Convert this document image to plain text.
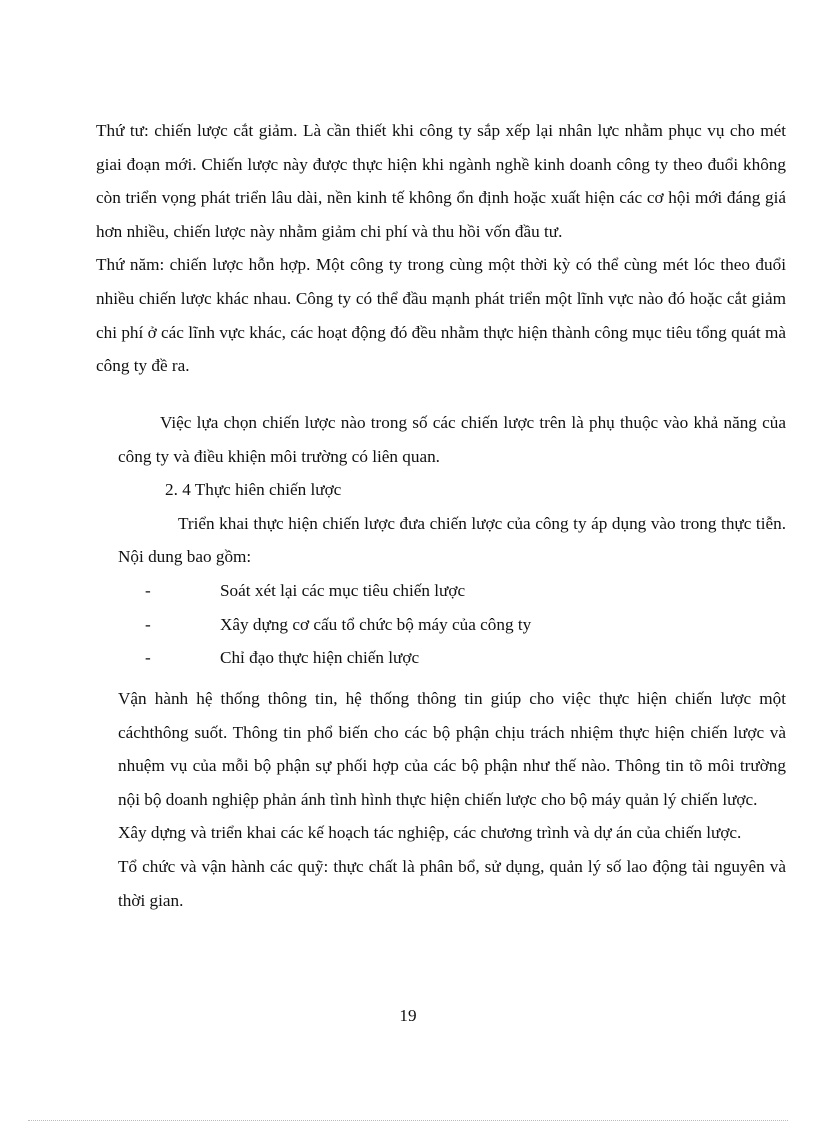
Thứ tư: chiến lược cắt giảm. Là cần thiết khi công ty sắp xếp lại nhân lực nhằm phục vụ cho mét giai đoạn mới. Chiến lược này được thực hiện khi ngành nghề kinh doanh công ty theo đuổi không còn triển vọng phát triển lâu dài, nền kinh tế không ổn định hoặc xuất hiện các cơ hội mới đáng giá hơn nhiều, chiến lược này nhằm giảm chi phí và thu hồi vốn đầu tư.

Thứ năm: chiến lược hỗn hợp. Một công ty trong cùng một thời kỳ có thể cùng mét lóc theo đuổi nhiều chiến lược khác nhau. Công ty có thể đầu mạnh phát triển một lĩnh vực nào đó hoặc cắt giảm chi phí ở các lĩnh vực khác, các hoạt động đó đều nhằm thực hiện thành công mục tiêu tổng quát mà công ty đề ra.

Việc lựa chọn chiến lược nào trong số các chiến lược trên là phụ thuộc vào khả năng của công ty và điều khiện môi trường có liên quan.

2. 4 Thực hiên chiến lược

Triển khai thực hiện chiến lược đưa chiến lược của công ty áp dụng vào trong thực tiễn. Nội dung bao gồm:

-	Soát xét lại các mục tiêu chiến lược
-	Xây dựng cơ cấu tổ chức bộ máy của công ty
-	Chỉ đạo thực hiện chiến lược

Vận hành hệ thống thông tin, hệ thống thông tin giúp cho việc thực hiện chiến lược một cáchthông suốt. Thông tin phổ biến cho các bộ phận chịu trách nhiệm thực hiện chiến lược và nhuệm vụ của mỗi bộ phận sự phối hợp của các bộ phận như thế nào. Thông tin tõ môi trường nội bộ doanh nghiệp phản ánh tình hình thực hiện chiến lược cho bộ máy quản lý chiến lược.

Xây dựng và triển khai các kế hoạch tác nghiệp, các chương trình và dự án của chiến lược.

Tổ chức và vận hành các quỹ: thực chất là phân bổ, sử dụng, quản lý số lao động tài nguyên và thời gian.

19
